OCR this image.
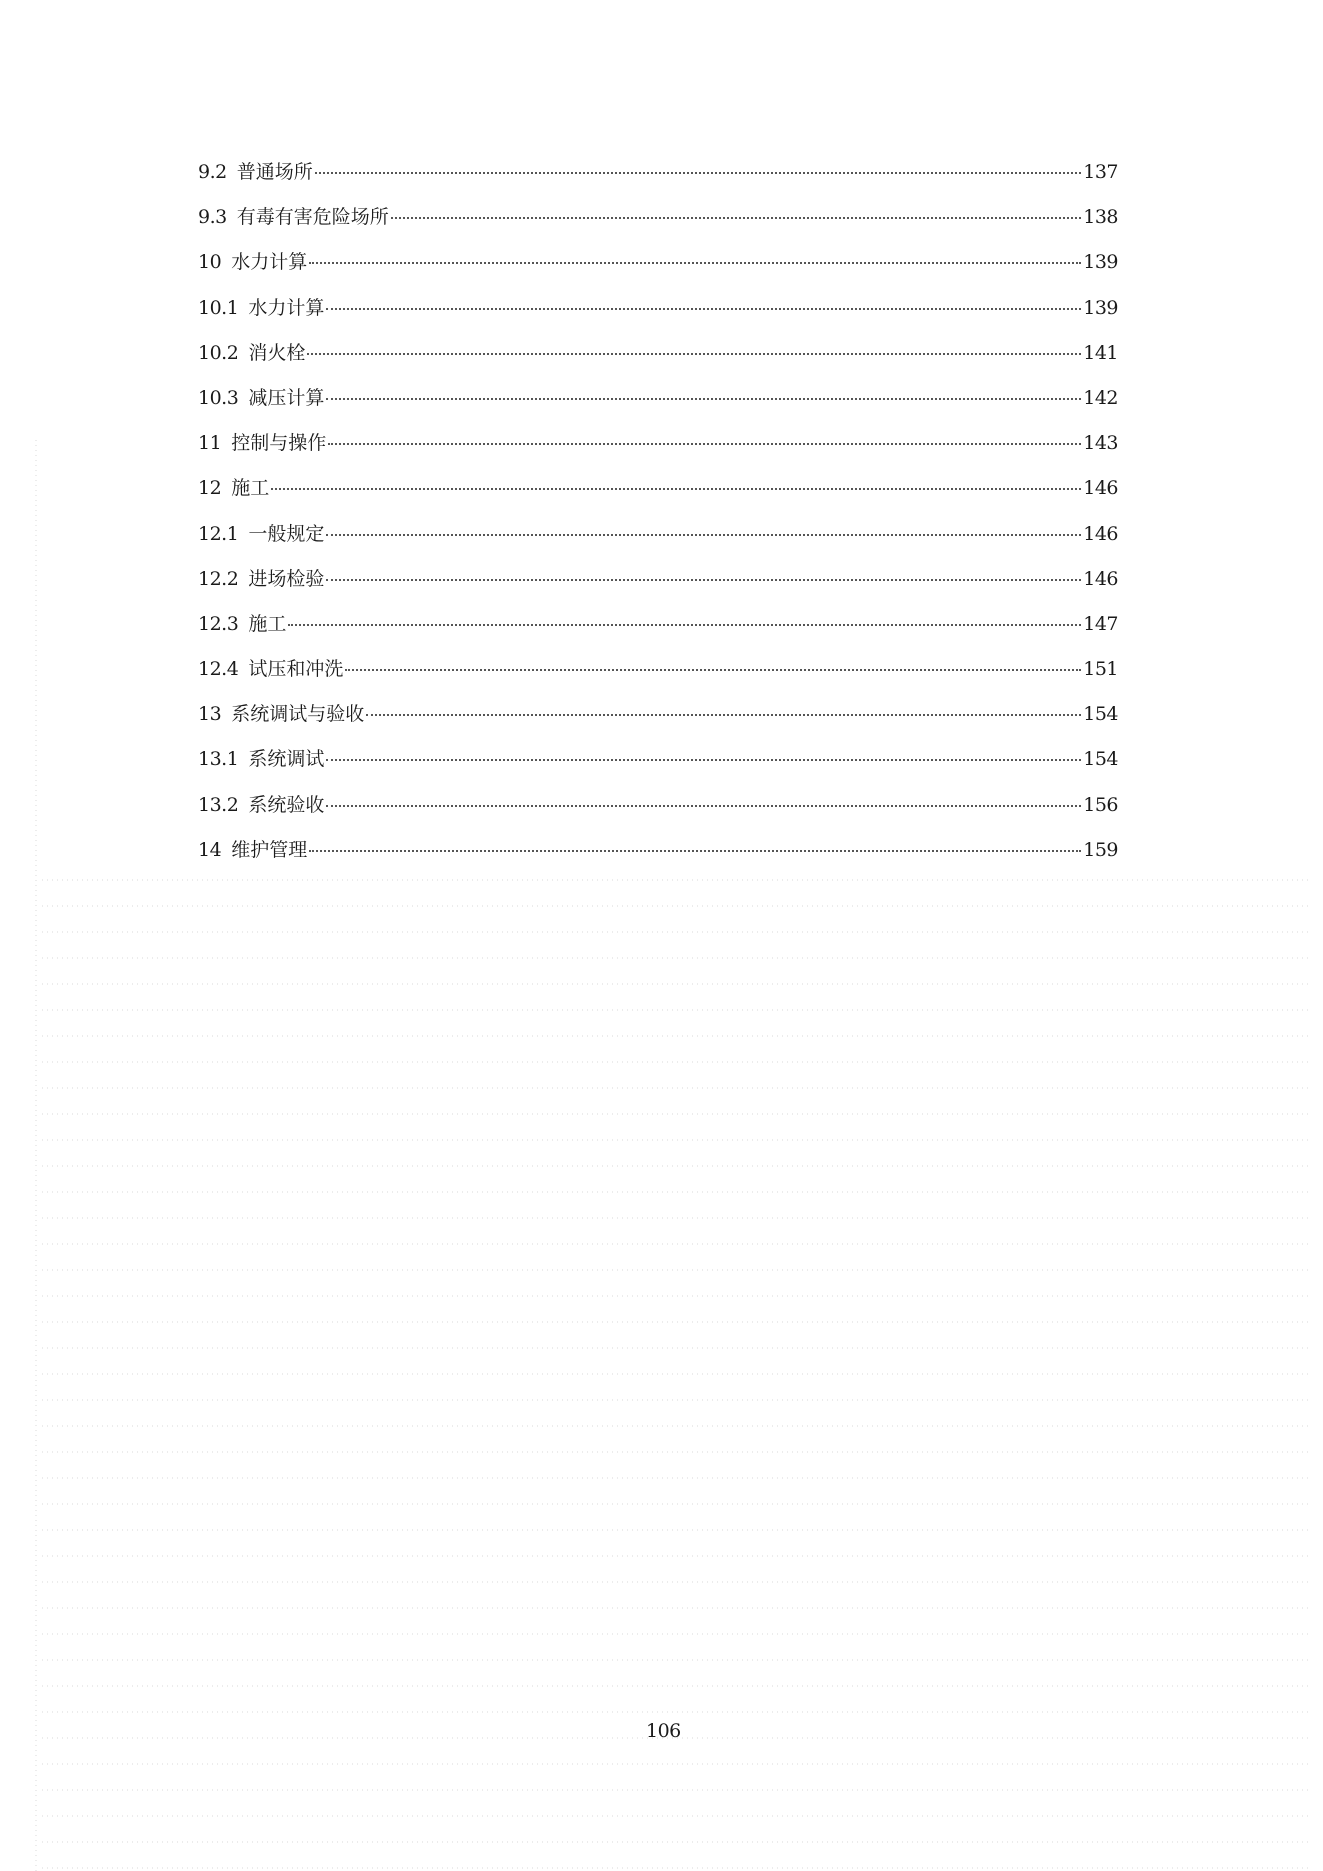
9.2 普通场所	137
9.3 有毒有害危险场所	138
10 水力计算	139
10.1 水力计算	139
10.2 消火栓	141
10.3 减压计算	142
11 控制与操作	143
12 施工	146
12.1 一般规定	146
12.2 进场检验	146
12.3 施工	147
12.4 试压和冲洗	151
13 系统调试与验收	154
13.1 系统调试	154
13.2 系统验收	156
14 维护管理	159
106
